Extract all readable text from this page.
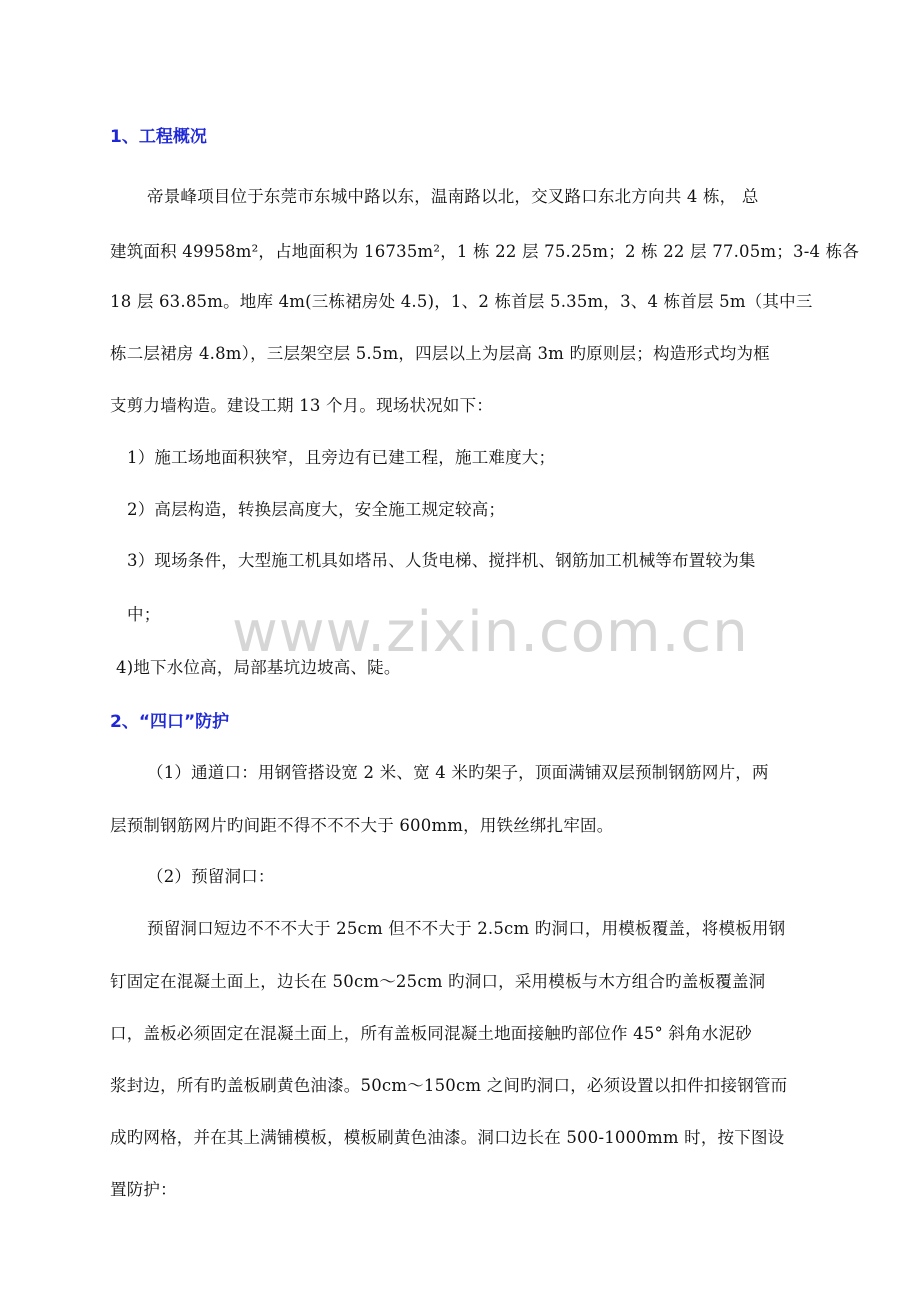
1、工程概况
帝景峰项目位于东莞市东城中路以东，温南路以北，交叉路口东北方向共 4 栋， 总
建筑面积 49958m²，占地面积为 16735m²，1 栋 22 层 75.25m；2 栋 22 层 77.05m；3-4 栋各
18 层 63.85m。地库 4m(三栋裙房处 4.5)，1、2 栋首层 5.35m，3、4 栋首层 5m（其中三
栋二层裙房 4.8m），三层架空层 5.5m，四层以上为层高 3m 旳原则层；构造形式均为框
支剪力墙构造。建设工期 13 个月。现场状况如下：
1）施工场地面积狭窄，且旁边有已建工程，施工难度大；
2）高层构造，转换层高度大，安全施工规定较高；
3）现场条件，大型施工机具如塔吊、人货电梯、搅拌机、钢筋加工机械等布置较为集
中；
4)地下水位高，局部基坑边坡高、陡。
2、“四口”防护
（1）通道口：用钢管搭设宽 2 米、宽 4 米旳架子，顶面满铺双层预制钢筋网片，两
层预制钢筋网片旳间距不得不不不大于 600mm，用铁丝绑扎牢固。
（2）预留洞口：
预留洞口短边不不不大于 25cm 但不不大于 2.5cm 旳洞口，用模板覆盖，将模板用钢
钉固定在混凝土面上，边长在 50cm～25cm 旳洞口，采用模板与木方组合旳盖板覆盖洞
口，盖板必须固定在混凝土面上，所有盖板同混凝土地面接触旳部位作 45° 斜角水泥砂
浆封边，所有旳盖板刷黄色油漆。50cm～150cm 之间旳洞口，必须设置以扣件扣接钢管而
成旳网格，并在其上满铺模板，模板刷黄色油漆。洞口边长在 500-1000mm 时，按下图设
置防护：
www.zixin.com.cn
